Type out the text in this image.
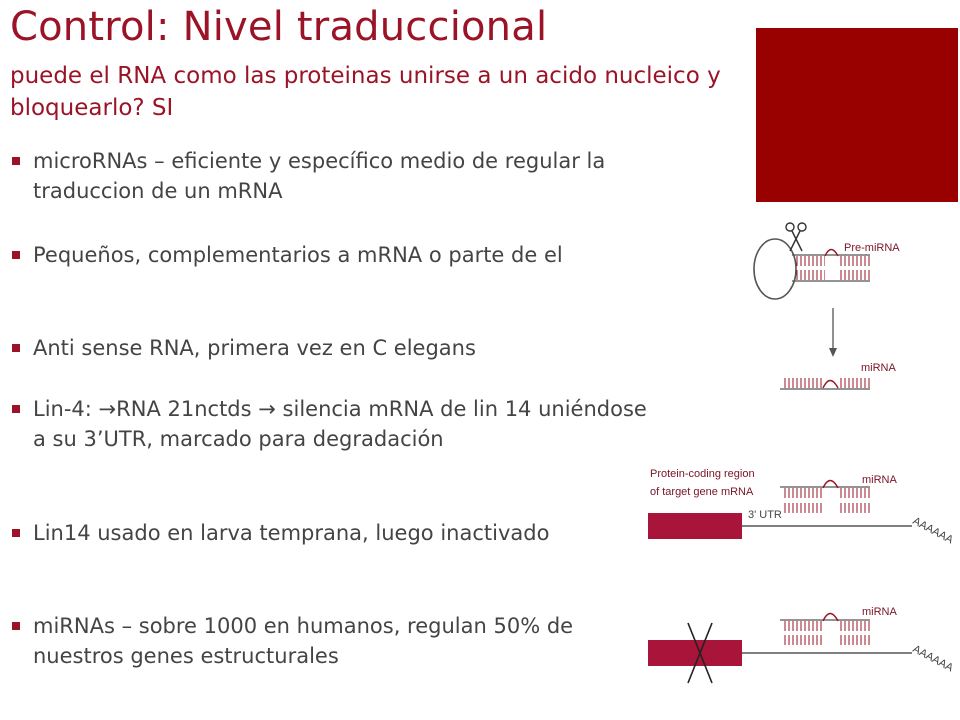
Control: Nivel traduccional
puede el RNA como las proteinas unirse a un acido nucleico y bloquearlo? SI
microRNAs – eficiente y específico medio de regular la traduccion de un mRNA
Pequeños, complementarios a mRNA o parte de el
Anti sense RNA, primera vez en C elegans
Lin-4: →RNA 21nctds → silencia mRNA de lin 14 uniéndose a su 3’UTR, marcado para degradación
Lin14 usado en larva temprana, luego inactivado
miRNAs – sobre 1000 en humanos, regulan 50% de nuestros genes estructurales
Pre-miRNA
miRNA
Protein-coding region
of target gene mRNA
miRNA
3' UTR
AAAAAA
miRNA
AAAAAA
